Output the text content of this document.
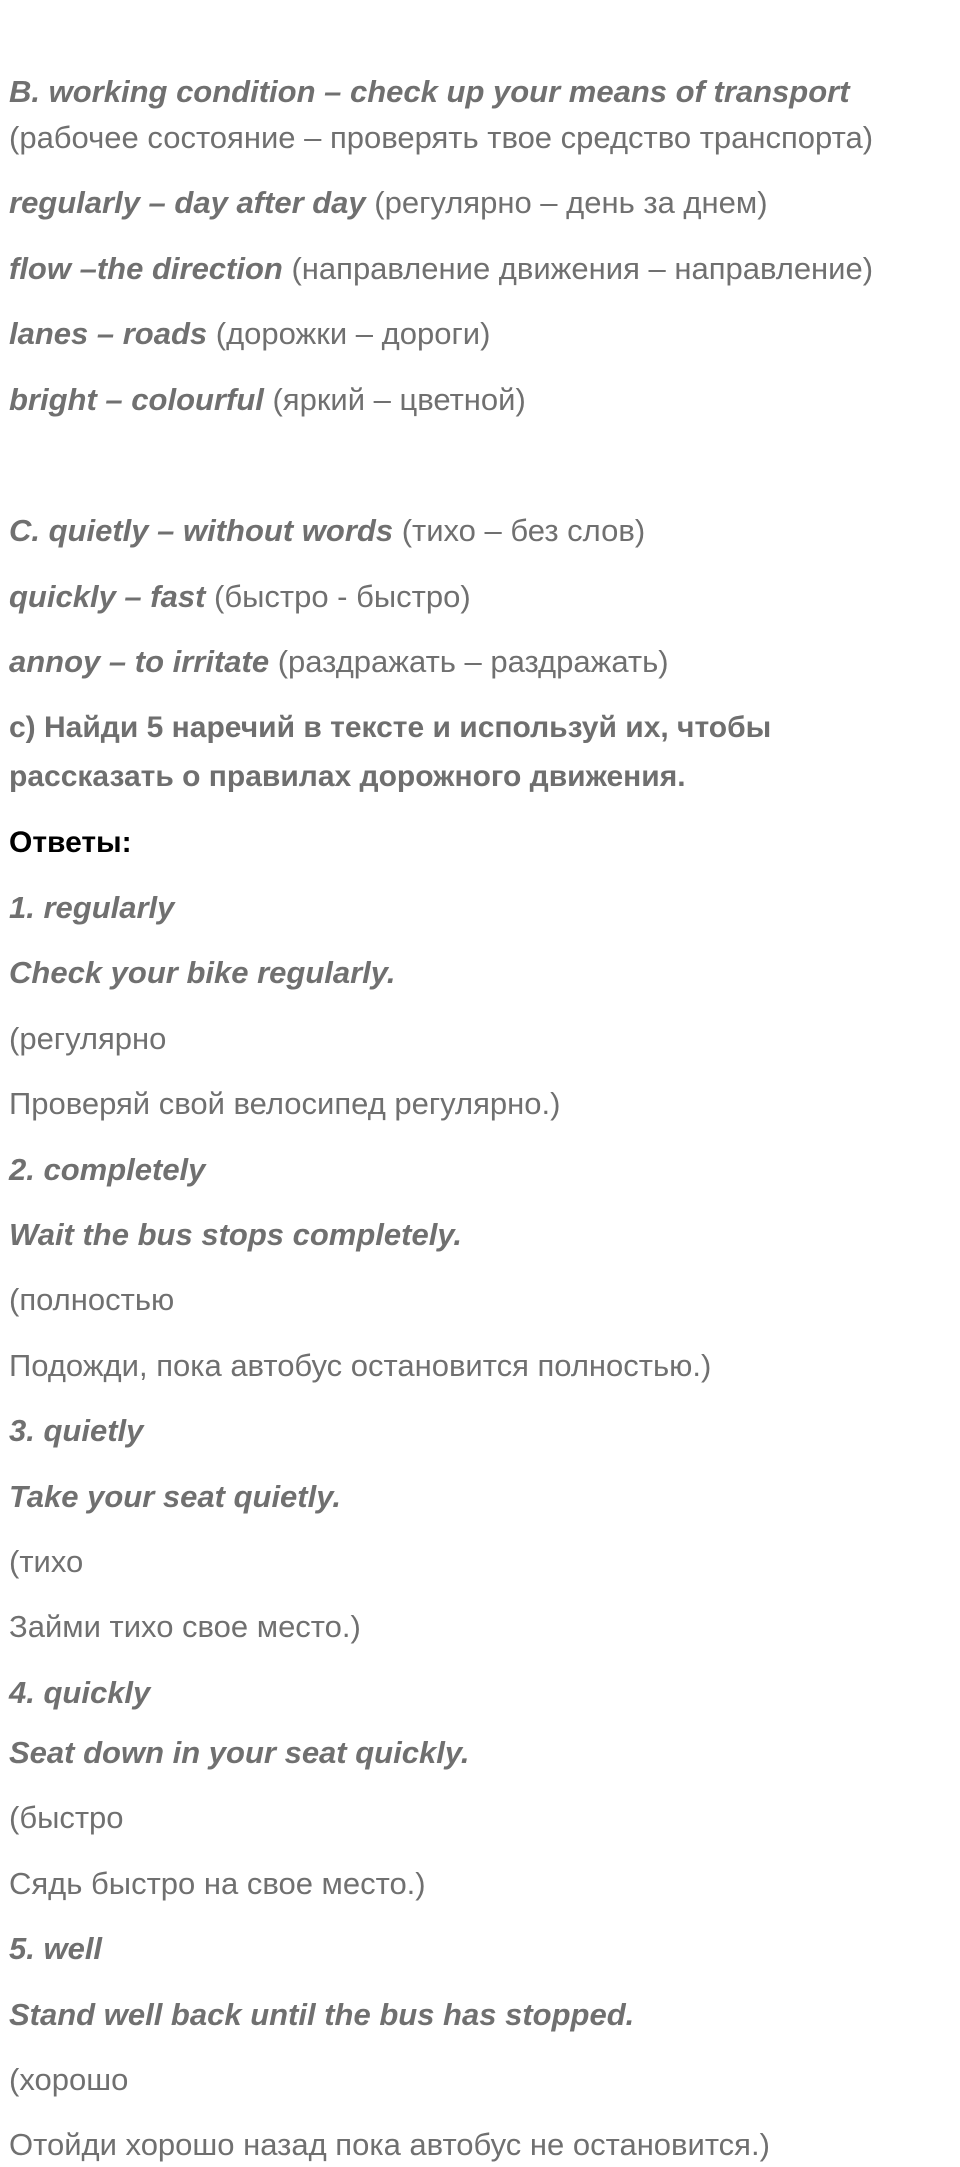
B. working condition – check up your means of transport
(рабочее состояние – проверять твое средство транспорта)
regularly – day after day (регулярно – день за днем)
flow –the direction (направление движения – направление)
lanes – roads (дорожки – дороги)
bright – colourful (яркий – цветной)
C. quietly – without words (тихо – без слов)
quickly – fast (быстро - быстро)
annoy – to irritate (раздражать – раздражать)
c) Найди 5 наречий в тексте и используй их, чтобы
рассказать о правилах дорожного движения.
Ответы:
1. regularly
Check your bike regularly.
(регулярно
Проверяй свой велосипед регулярно.)
2. completely
Wait the bus stops completely.
(полностью
Подожди, пока автобус остановится полностью.)
3. quietly
Take your seat quietly.
(тихо
Займи тихо свое место.)
4. quickly
Seat down in your seat quickly.
(быстро
Сядь быстро на свое место.)
5. well
Stand well back until the bus has stopped.
(хорошо
Отойди хорошо назад пока автобус не остановится.)
